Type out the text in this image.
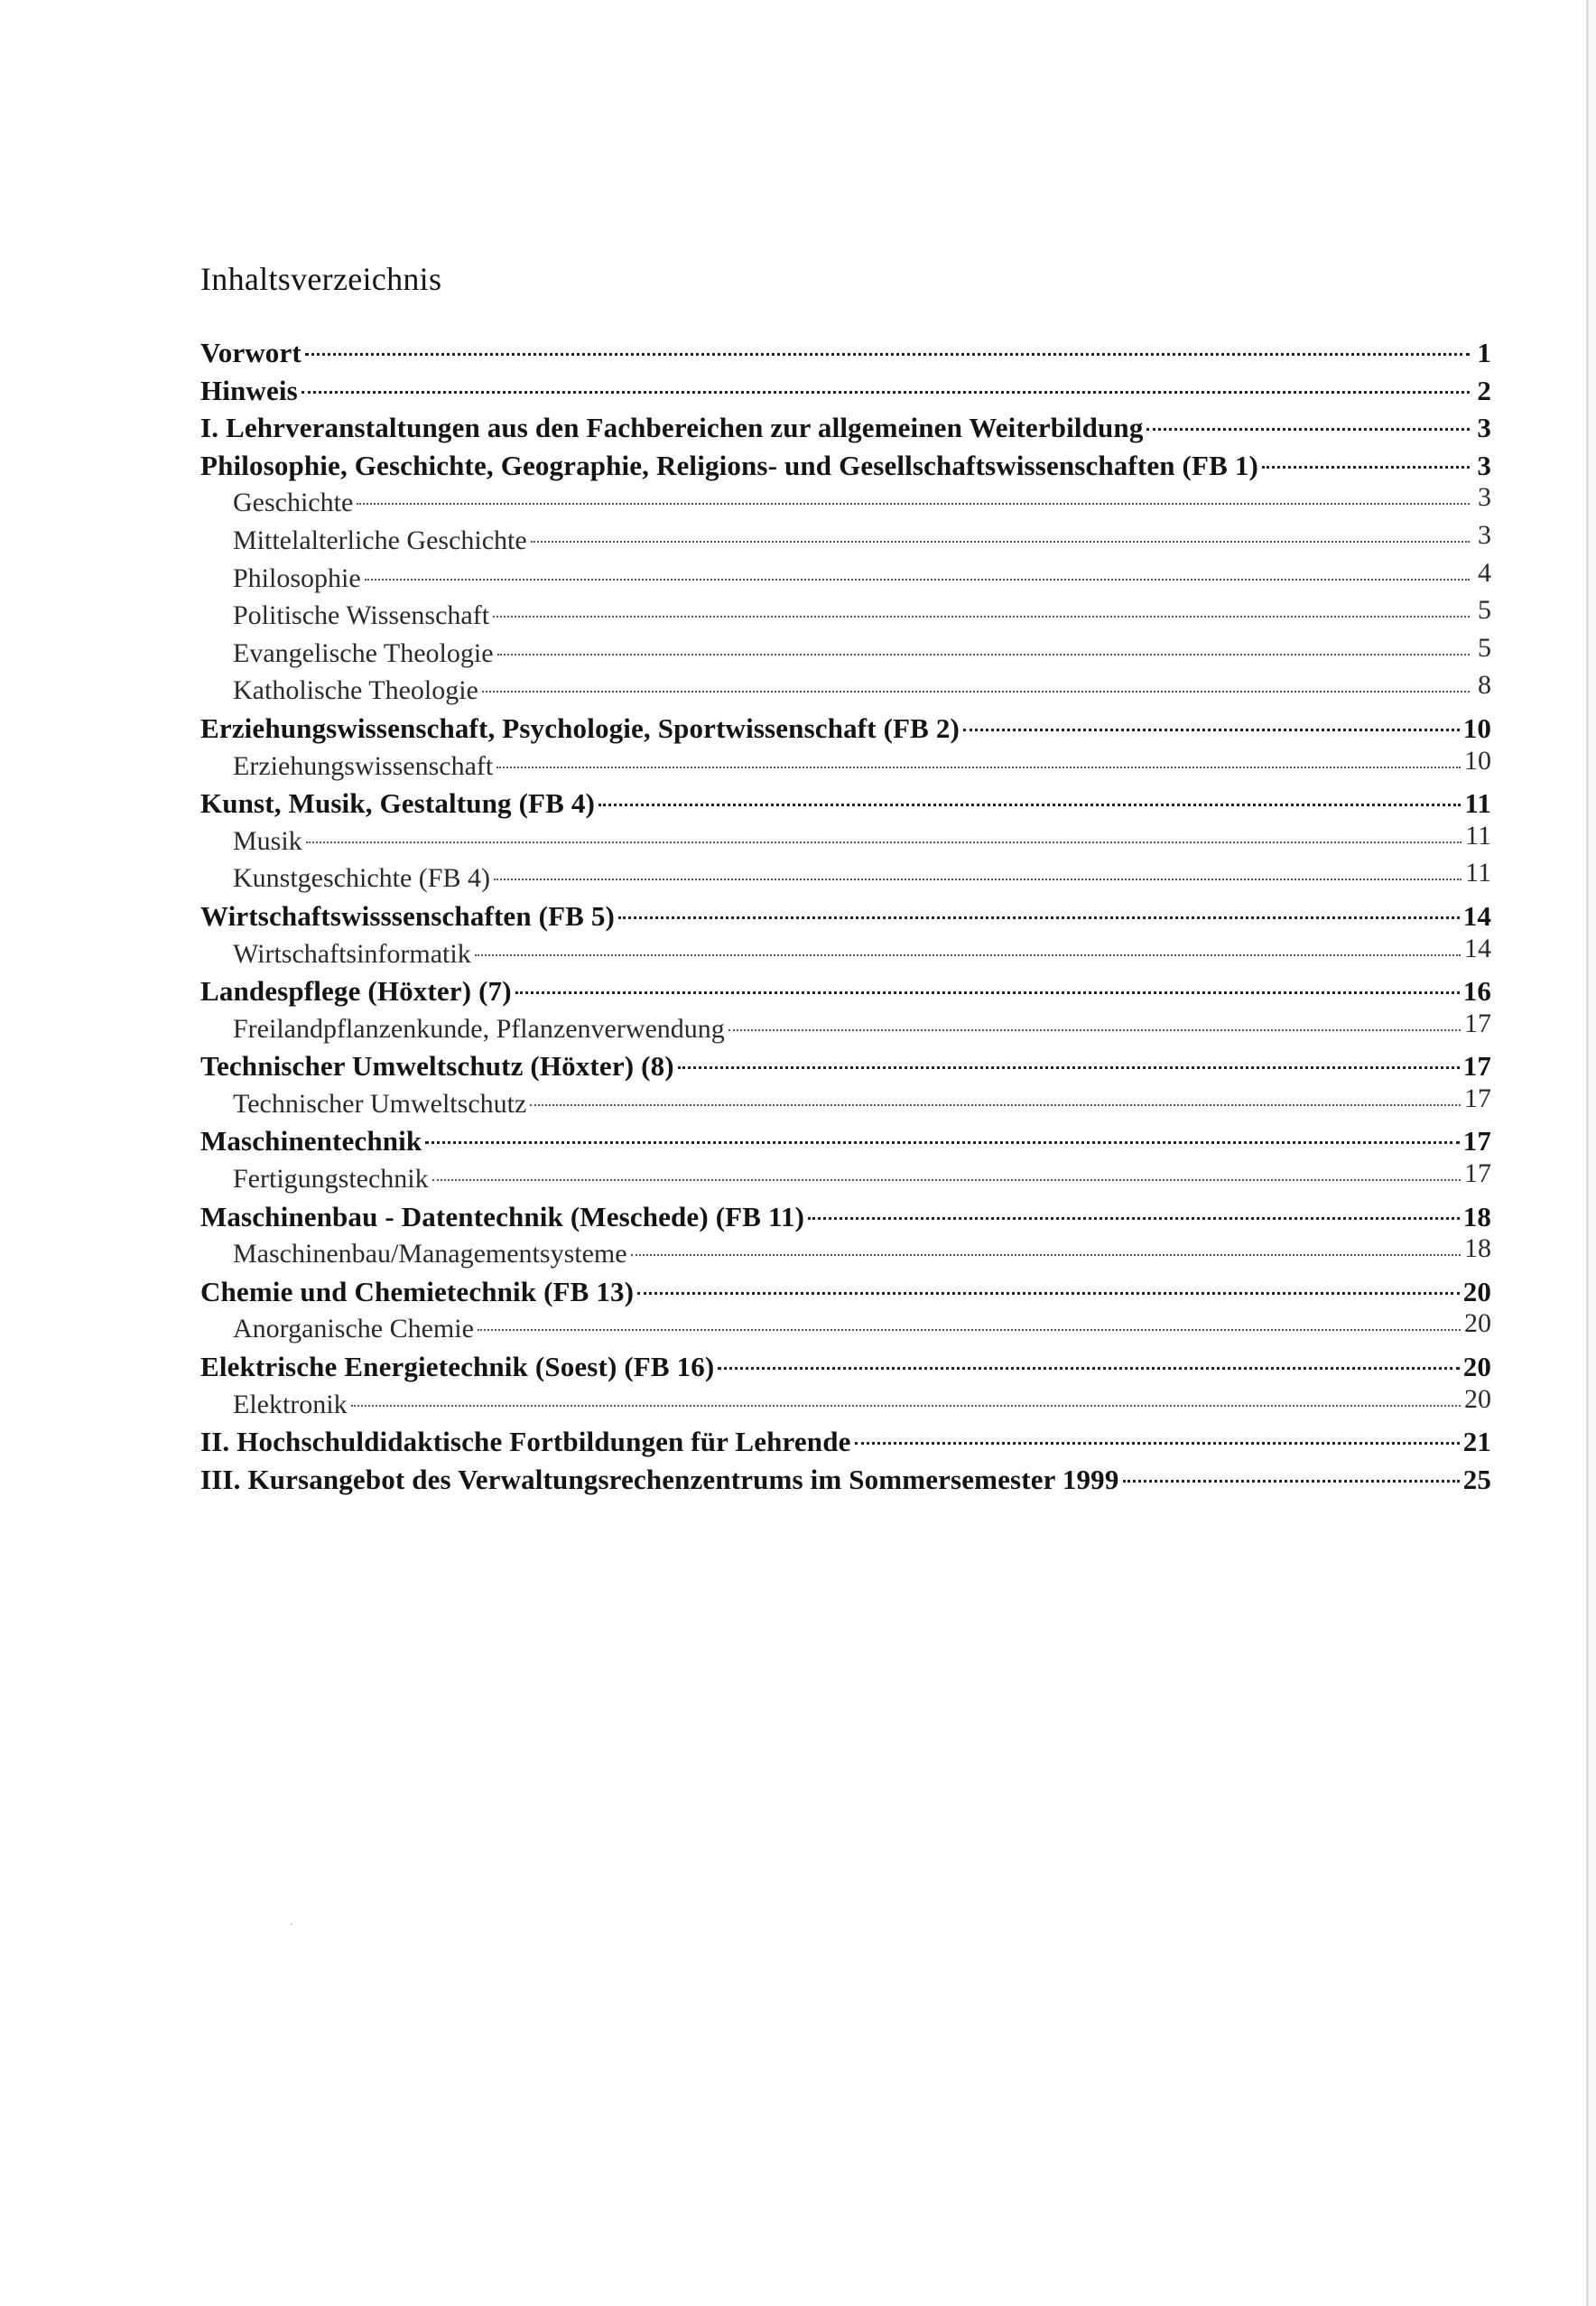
Inhaltsverzeichnis
Vorwort	1
Hinweis	2
I. Lehrveranstaltungen aus den Fachbereichen zur allgemeinen Weiterbildung	3
Philosophie, Geschichte, Geographie, Religions- und Gesellschaftswissenschaften (FB 1)	3
Geschichte	3
Mittelalterliche Geschichte	3
Philosophie	4
Politische Wissenschaft	5
Evangelische Theologie	5
Katholische Theologie	8
Erziehungswissenschaft, Psychologie, Sportwissenschaft (FB 2)	10
Erziehungswissenschaft	10
Kunst, Musik, Gestaltung (FB 4)	11
Musik	11
Kunstgeschichte (FB 4)	11
Wirtschaftswisssenschaften (FB 5)	14
Wirtschaftsinformatik	14
Landespflege (Höxter) (7)	16
Freilandpflanzenkunde, Pflanzenverwendung	17
Technischer Umweltschutz (Höxter) (8)	17
Technischer Umweltschutz	17
Maschinentechnik	17
Fertigungstechnik	17
Maschinenbau - Datentechnik (Meschede) (FB 11)	18
Maschinenbau/Managementsysteme	18
Chemie und Chemietechnik (FB 13)	20
Anorganische Chemie	20
Elektrische Energietechnik (Soest) (FB 16)	20
Elektronik	20
II. Hochschuldidaktische Fortbildungen für Lehrende	21
III. Kursangebot des Verwaltungsrechenzentrums im Sommersemester 1999	25
